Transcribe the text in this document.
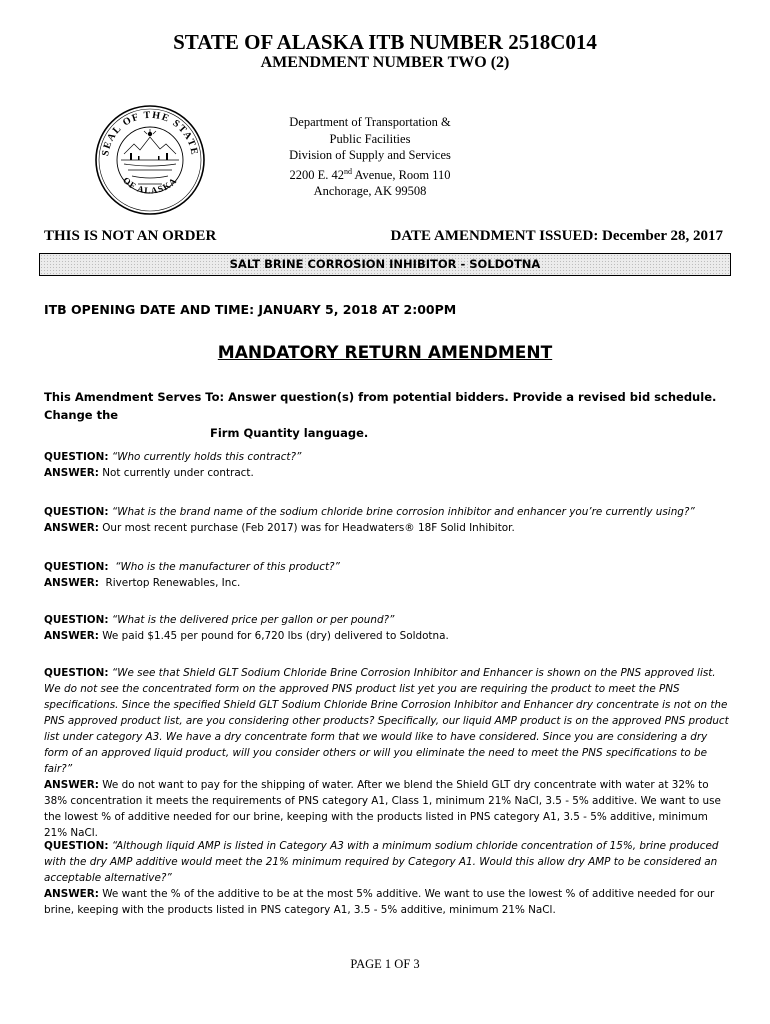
STATE OF ALASKA ITB NUMBER 2518C014
AMENDMENT NUMBER TWO (2)
SEAL OF THE STATE
OF ALASKA
Department of Transportation &
Public Facilities
Division of Supply and Services
2200 E. 42nd Avenue, Room 110
Anchorage, AK 99508
THIS IS NOT AN ORDER	DATE AMENDMENT ISSUED: December 28, 2017
SALT BRINE CORROSION INHIBITOR - SOLDOTNA
ITB OPENING DATE AND TIME: JANUARY 5, 2018 AT 2:00PM
MANDATORY RETURN AMENDMENT
This Amendment Serves To: Answer question(s) from potential bidders. Provide a revised bid schedule. Change the
Firm Quantity language.

QUESTION: “Who currently holds this contract?”

ANSWER: Not currently under contract.

QUESTION: “What is the brand name of the sodium chloride brine corrosion inhibitor and enhancer you’re currently using?”

ANSWER: Our most recent purchase (Feb 2017) was for Headwaters® 18F Solid Inhibitor.

QUESTION: “Who is the manufacturer of this product?”

ANSWER: Rivertop Renewables, Inc.

QUESTION: “What is the delivered price per gallon or per pound?”

ANSWER: We paid $1.45 per pound for 6,720 lbs (dry) delivered to Soldotna.

QUESTION: “We see that Shield GLT Sodium Chloride Brine Corrosion Inhibitor and Enhancer is shown on the PNS approved list. We do not see the concentrated form on the approved PNS product list yet you are requiring the product to meet the PNS specifications. Since the specified Shield GLT Sodium Chloride Brine Corrosion Inhibitor and Enhancer dry concentrate is not on the PNS approved product list, are you considering other products? Specifically, our liquid AMP product is on the approved PNS product list under category A3. We have a dry concentrate form that we would like to have considered. Since you are considering a dry form of an approved liquid product, will you consider others or will you eliminate the need to meet the PNS specifications to be fair?”

ANSWER: We do not want to pay for the shipping of water. After we blend the Shield GLT dry concentrate with water at 32% to 38% concentration it meets the requirements of PNS category A1, Class 1, minimum 21% NaCl, 3.5 - 5% additive. We want to use the lowest % of additive needed for our brine, keeping with the products listed in PNS category A1, 3.5 - 5% additive, minimum 21% NaCl.

QUESTION: “Although liquid AMP is listed in Category A3 with a minimum sodium chloride concentration of 15%, brine produced with the dry AMP additive would meet the 21% minimum required by Category A1. Would this allow dry AMP to be considered an acceptable alternative?”

ANSWER: We want the % of the additive to be at the most 5% additive. We want to use the lowest % of additive needed for our brine, keeping with the products listed in PNS category A1, 3.5 - 5% additive, minimum 21% NaCl.

PAGE 1 OF 3
